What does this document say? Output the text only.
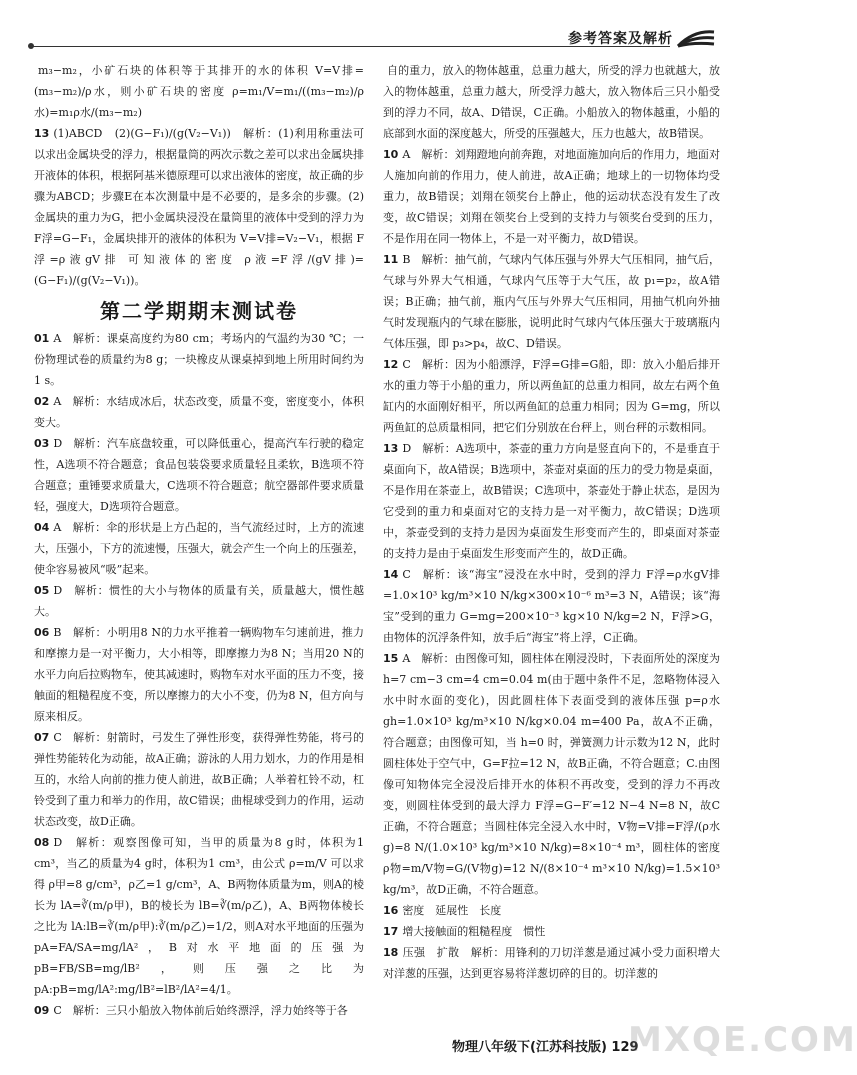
参考答案及解析

m₃−m₂，小矿石块的体积等于其排开的水的体积 V=V排=(m₃−m₂)/ρ水，则小矿石块的密度 ρ=m₁/V=m₁/((m₃−m₂)/ρ水)=m₁ρ水/(m₃−m₂)

13 (1)ABCD　(2)(G−F₁)/(g(V₂−V₁))　解析：(1)利用称重法可以求出金属块受的浮力，根据量筒的两次示数之差可以求出金属块排开液体的体积，根据阿基米德原理可以求出液体的密度，故正确的步骤为ABCD；步骤E在本次测量中是不必要的，是多余的步骤。(2)金属块的重力为G，把小金属块浸没在量筒里的液体中受到的浮力为 F浮=G−F₁，金属块排开的液体的体积为 V=V排=V₂−V₁，根据 F浮=ρ液gV排 可知液体的密度 ρ液=F浮/(gV排)=(G−F₁)/(g(V₂−V₁))。

第二学期期末测试卷

01 A　解析：课桌高度约为80 cm；考场内的气温约为30 ℃；一份物理试卷的质量约为8 g；一块橡皮从课桌掉到地上所用时间约为1 s。

02 A　解析：水结成冰后，状态改变，质量不变，密度变小，体积变大。

03 D　解析：汽车底盘较重，可以降低重心，提高汽车行驶的稳定性，A选项不符合题意；食品包装袋要求质量轻且柔软，B选项不符合题意；重锤要求质量大，C选项不符合题意；航空器部件要求质量轻，强度大，D选项符合题意。

04 A　解析：伞的形状是上方凸起的，当气流经过时，上方的流速大，压强小，下方的流速慢，压强大，就会产生一个向上的压强差，使伞容易被风“吸”起来。

05 D　解析：惯性的大小与物体的质量有关，质量越大，惯性越大。

06 B　解析：小明用8 N的力水平推着一辆购物车匀速前进，推力和摩擦力是一对平衡力，大小相等，即摩擦力为8 N；当用20 N的水平力向后拉购物车，使其减速时，购物车对水平面的压力不变，接触面的粗糙程度不变，所以摩擦力的大小不变，仍为8 N，但方向与原来相反。

07 C　解析：射箭时，弓发生了弹性形变，获得弹性势能，将弓的弹性势能转化为动能，故A正确；游泳的人用力划水，力的作用是相互的，水给人向前的推力使人前进，故B正确；人举着杠铃不动，杠铃受到了重力和举力的作用，故C错误；曲棍球受到力的作用，运动状态改变，故D正确。

08 D　解析：观察图像可知，当甲的质量为8 g时，体积为1 cm³，当乙的质量为4 g时，体积为1 cm³，由公式 ρ=m/V 可以求得 ρ甲=8 g/cm³，ρ乙=1 g/cm³，A、B两物体质量为m，则A的棱长为 lA=∛(m/ρ甲)，B的棱长为 lB=∛(m/ρ乙)，A、B两物体棱长之比为 lA:lB=∛(m/ρ甲):∛(m/ρ乙)=1/2，则A对水平地面的压强为 pA=FA/SA=mg/lA²，B对水平地面的压强为 pB=FB/SB=mg/lB²，则压强之比为 pA:pB=mg/lA²:mg/lB²=lB²/lA²=4/1。

09 C　解析：三只小船放入物体前后始终漂浮，浮力始终等于各

自的重力，放入的物体越重，总重力越大，所受的浮力也就越大，放入的物体越重，总重力越大，所受浮力越大，放入物体后三只小船受到的浮力不同，故A、D错误，C正确。小船放入的物体越重，小船的底部到水面的深度越大，所受的压强越大，压力也越大，故B错误。

10 A　解析：刘翔蹬地向前奔跑，对地面施加向后的作用力，地面对人施加向前的作用力，使人前进，故A正确；地球上的一切物体均受重力，故B错误；刘翔在领奖台上静止，他的运动状态没有发生了改变，故C错误；刘翔在领奖台上受到的支持力与领奖台受到的压力，不是作用在同一物体上，不是一对平衡力，故D错误。

11 B　解析：抽气前，气球内气体压强与外界大气压相同，抽气后，气球与外界大气相通，气球内气压等于大气压，故 p₁=p₂，故A错误；B正确；抽气前，瓶内气压与外界大气压相同，用抽气机向外抽气时发现瓶内的气球在膨胀，说明此时气球内气体压强大于玻璃瓶内气体压强，即 p₃>p₄，故C、D错误。

12 C　解析：因为小船漂浮，F浮=G排=G船，即：放入小船后排开水的重力等于小船的重力，所以两鱼缸的总重力相同，故左右两个鱼缸内的水面刚好相平，所以两鱼缸的总重力相同；因为 G=mg，所以两鱼缸的总质量相同，把它们分别放在台秤上，则台秤的示数相同。

13 D　解析：A选项中，茶壶的重力方向是竖直向下的，不是垂直于桌面向下，故A错误；B选项中，茶壶对桌面的压力的受力物是桌面，不是作用在茶壶上，故B错误；C选项中，茶壶处于静止状态，是因为它受到的重力和桌面对它的支持力是一对平衡力，故C错误；D选项中，茶壶受到的支持力是因为桌面发生形变而产生的，即桌面对茶壶的支持力是由于桌面发生形变而产生的，故D正确。

14 C　解析：该“海宝”浸没在水中时，受到的浮力 F浮=ρ水gV排=1.0×10³ kg/m³×10 N/kg×300×10⁻⁶ m³=3 N，A错误；该“海宝”受到的重力 G=mg=200×10⁻³ kg×10 N/kg=2 N，F浮>G，由物体的沉浮条件知，放手后“海宝”将上浮，C正确。

15 A　解析：由图像可知，圆柱体在刚浸没时，下表面所处的深度为 h=7 cm−3 cm=4 cm=0.04 m(由于题中条件不足，忽略物体浸入水中时水面的变化)，因此圆柱体下表面受到的液体压强 p=ρ水gh=1.0×10³ kg/m³×10 N/kg×0.04 m=400 Pa，故A不正确，符合题意；由图像可知，当 h=0 时，弹簧测力计示数为12 N，此时圆柱体处于空气中，G=F拉=12 N，故B正确，不符合题意；C.由图像可知物体完全浸没后排开水的体积不再改变，受到的浮力不再改变，则圆柱体受到的最大浮力 F浮=G−F′=12 N−4 N=8 N，故C正确，不符合题意；当圆柱体完全浸入水中时，V物=V排=F浮/(ρ水g)=8 N/(1.0×10³ kg/m³×10 N/kg)=8×10⁻⁴ m³，圆柱体的密度 ρ物=m/V物=G/(V物g)=12 N/(8×10⁻⁴ m³×10 N/kg)=1.5×10³ kg/m³，故D正确，不符合题意。

16 密度　延展性　长度

17 增大接触面的粗糙程度　惯性

18 压强　扩散　解析：用锋利的刀切洋葱是通过减小受力面积增大对洋葱的压强，达到更容易将洋葱切碎的目的。切洋葱的

物理八年级下(江苏科技版) 129
MXQE.COM
